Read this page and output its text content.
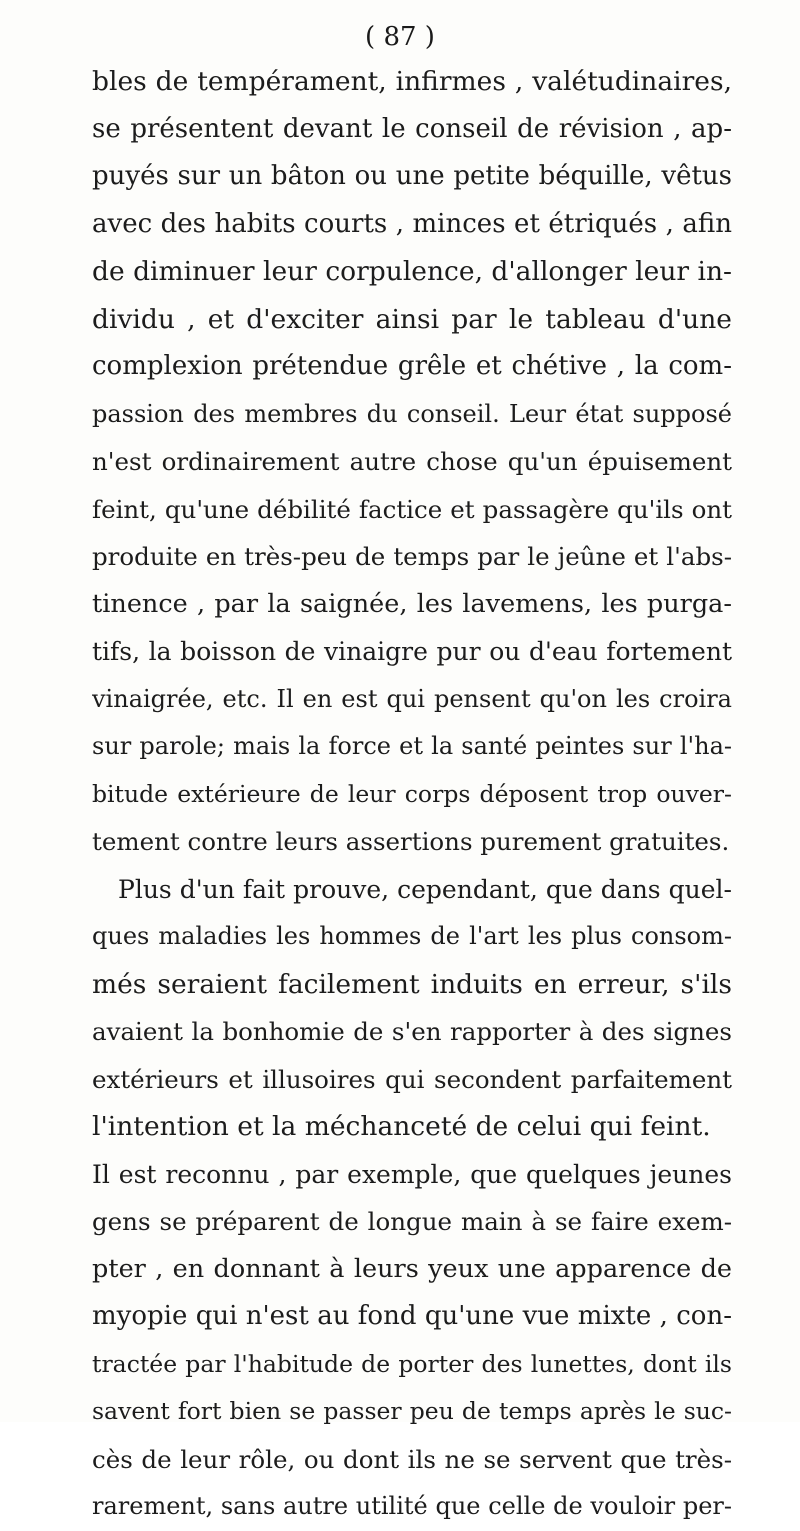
( 87 )
bles de tempérament, infirmes , valétudinaires,
se présentent devant le conseil de révision , ap-
puyés sur un bâton ou une petite béquille, vêtus
avec des habits courts , minces et étriqués , afin
de diminuer leur corpulence, d'allonger leur in-
dividu , et d'exciter ainsi par le tableau d'une
complexion prétendue grêle et chétive , la com-
passion des membres du conseil. Leur état supposé
n'est ordinairement autre chose qu'un épuisement
feint, qu'une débilité factice et passagère qu'ils ont
produite en très-peu de temps par le jeûne et l'abs-
tinence , par la saignée, les lavemens, les purga-
tifs, la boisson de vinaigre pur ou d'eau fortement
vinaigrée, etc. Il en est qui pensent qu'on les croira
sur parole; mais la force et la santé peintes sur l'ha-
bitude extérieure de leur corps déposent trop ouver-
tement contre leurs assertions purement gratuites.
Plus d'un fait prouve, cependant, que dans quel-
ques maladies les hommes de l'art les plus consom-
més seraient facilement induits en erreur, s'ils
avaient la bonhomie de s'en rapporter à des signes
extérieurs et illusoires qui secondent parfaitement
l'intention et la méchanceté de celui qui feint.
Il est reconnu , par exemple, que quelques jeunes
gens se préparent de longue main à se faire exem-
pter , en donnant à leurs yeux une apparence de
myopie qui n'est au fond qu'une vue mixte , con-
tractée par l'habitude de porter des lunettes, dont ils
savent fort bien se passer peu de temps après le suc-
cès de leur rôle, ou dont ils ne se servent que très-
rarement, sans autre utilité que celle de vouloir per-
